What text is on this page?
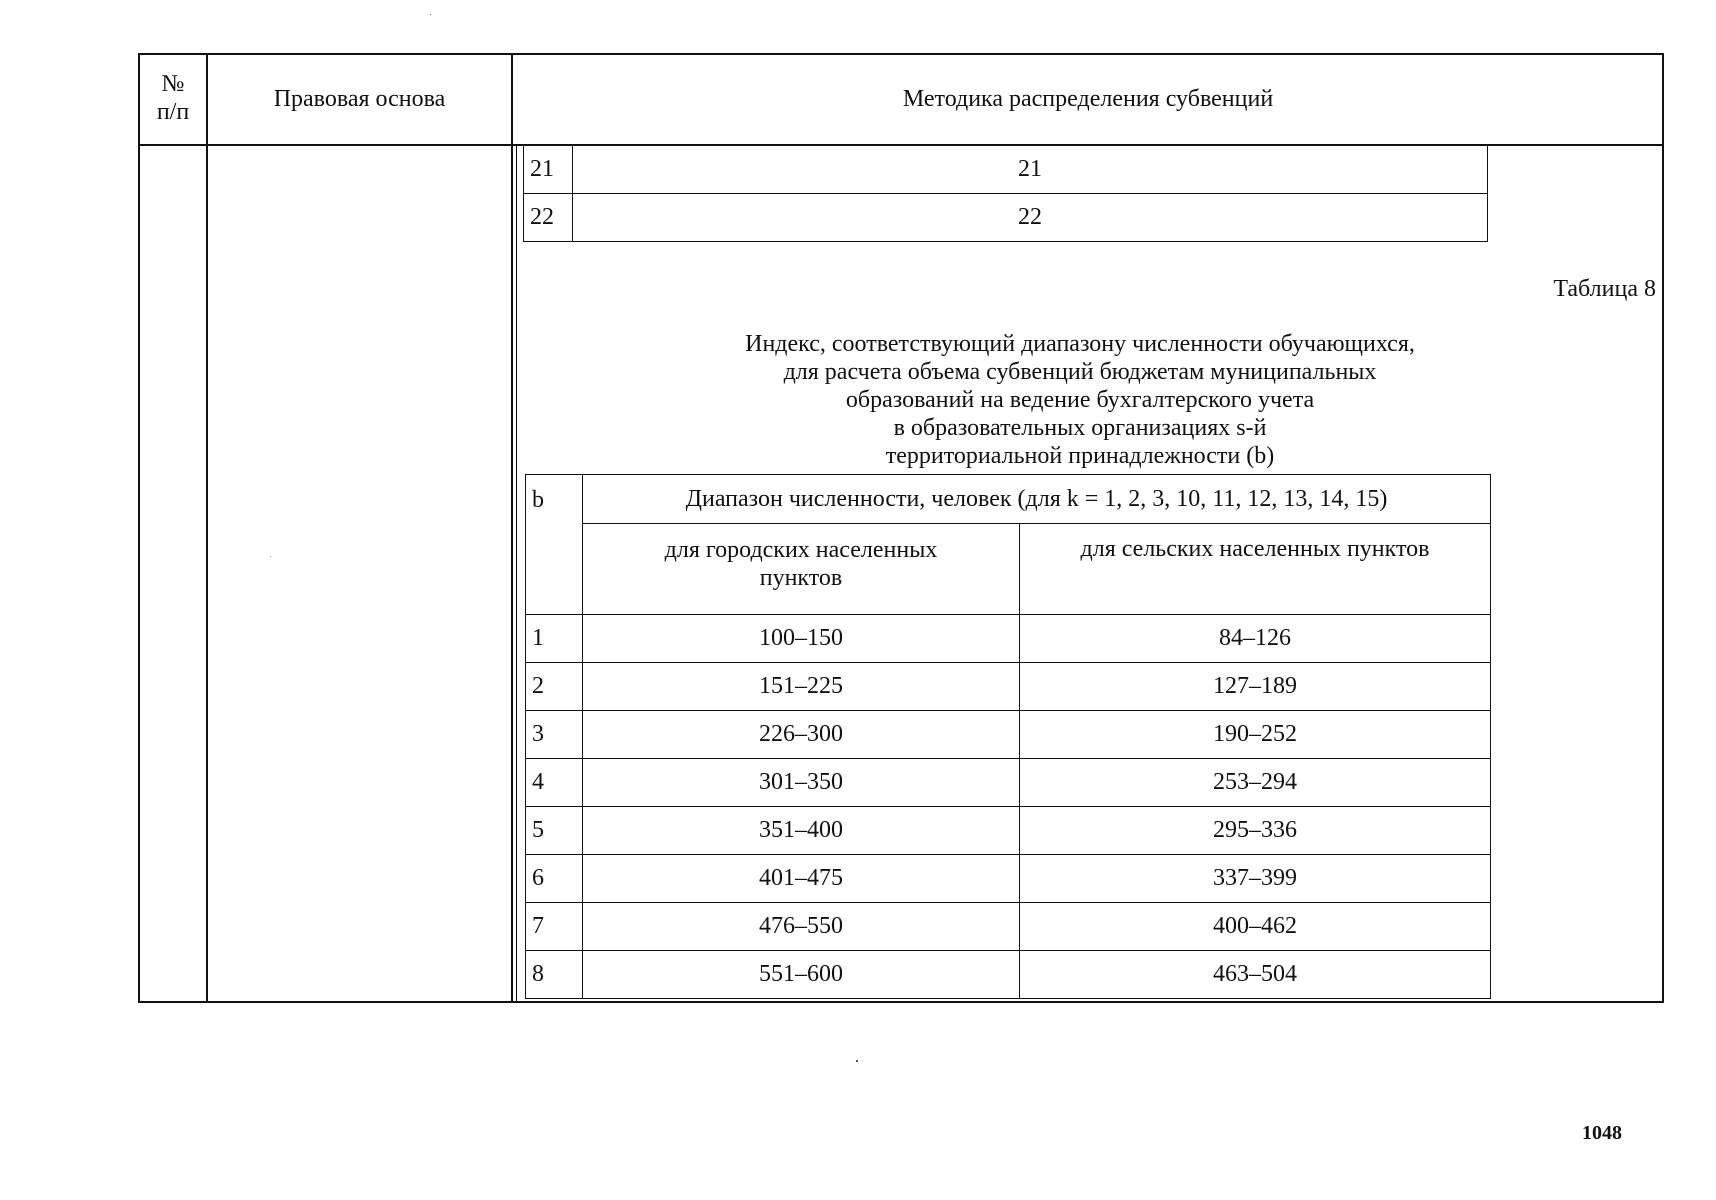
№ п/п	Правовая основа	Методика распределения субвенций
21	21
22	22
Таблица 8
Индекс, соответствующий диапазону численности обучающихся,
для расчета объема субвенций бюджетам муниципальных
образований на ведение бухгалтерского учета
в образовательных организациях s-й
территориальной принадлежности (b)
b	Диапазон численности, человек (для k = 1, 2, 3, 10, 11, 12, 13, 14, 15)	
	для городских населенных пунктов	для сельских населенных пунктов
1	100–150	84–126
2	151–225	127–189
3	226–300	190–252
4	301–350	253–294
5	351–400	295–336
6	401–475	337–399
7	476–550	400–462
8	551–600	463–504
1048
